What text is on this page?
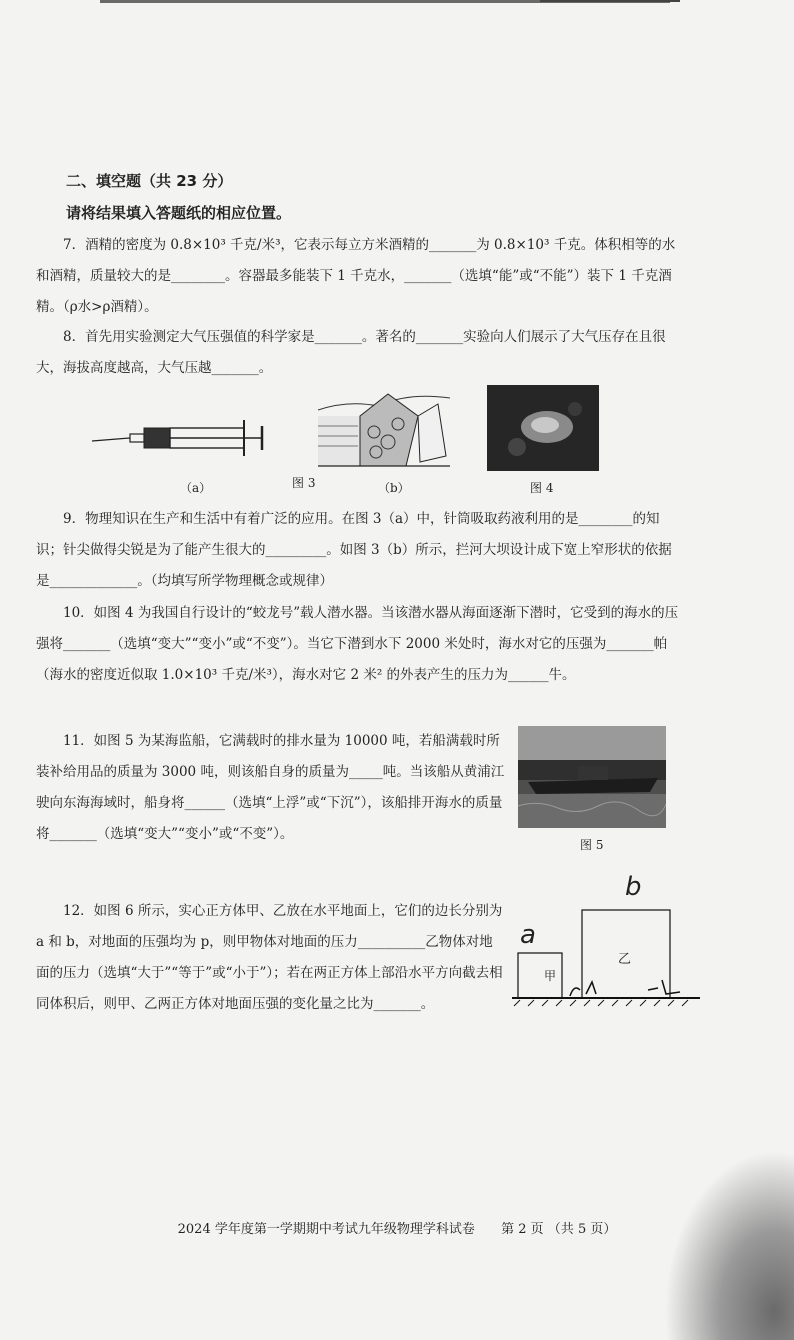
二、填空题（共 23 分）
请将结果填入答题纸的相应位置。
7．酒精的密度为 0.8×10³ 千克/米³，它表示每立方米酒精的_______为 0.8×10³ 千克。体积相等的水和酒精，质量较大的是________。容器最多能装下 1 千克水，_______（选填“能”或“不能”）装下 1 千克酒精。（ρ水>ρ酒精）。
8．首先用实验测定大气压强值的科学家是_______。著名的_______实验向人们展示了大气压存在且很大，海拔高度越高，大气压越_______。
（a）	图 3	（b）	图 4
9．物理知识在生产和生活中有着广泛的应用。在图 3（a）中，针筒吸取药液利用的是________的知识；针尖做得尖锐是为了能产生很大的_________。如图 3（b）所示，拦河大坝设计成下宽上窄形状的依据是_____________。（均填写所学物理概念或规律）
10．如图 4 为我国自行设计的“蛟龙号”载人潜水器。当该潜水器从海面逐渐下潜时，它受到的海水的压强将_______（选填“变大”“变小”或“不变”）。当它下潜到水下 2000 米处时，海水对它的压强为_______帕（海水的密度近似取 1.0×10³ 千克/米³），海水对它 2 米² 的外表产生的压力为______牛。
11．如图 5 为某海监船，它满载时的排水量为 10000 吨，若船满载时所装补给用品的质量为 3000 吨，则该船自身的质量为_____吨。当该船从黄浦江驶向东海海域时，船身将______（选填“上浮”或“下沉”），该船排开海水的质量将_______（选填“变大”“变小”或“不变”）。
图 5
12．如图 6 所示，实心正方体甲、乙放在水平地面上，它们的边长分别为 a 和 b，对地面的压强均为 p，则甲物体对地面的压力__________乙物体对地面的压力（选填“大于”“等于”或“小于”）；若在两正方体上部沿水平方向截去相同体积后，则甲、乙两正方体对地面压强的变化量之比为_______。
甲
乙
a
b
2024 学年度第一学期期中考试九年级物理学科试卷 第 2 页 （共 5 页）
